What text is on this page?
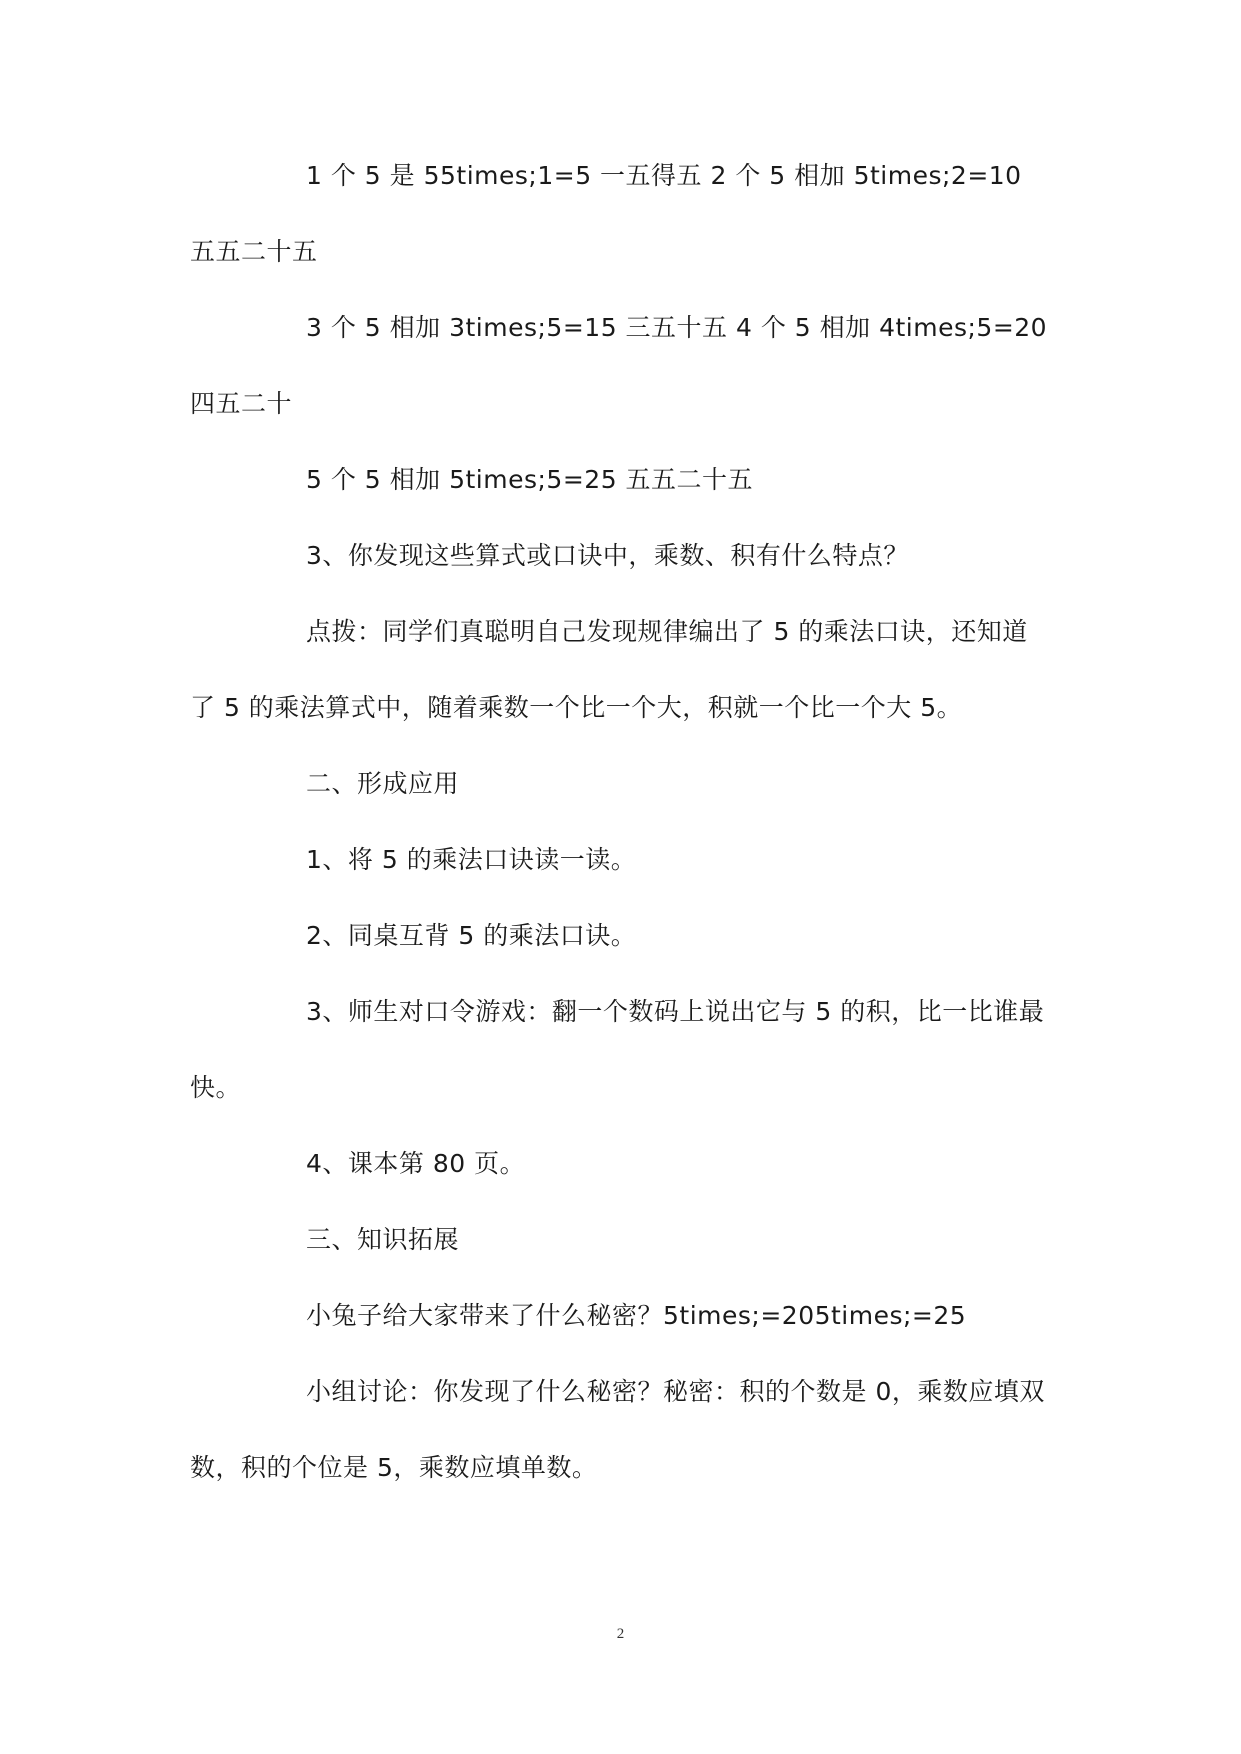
1 个 5 是 55times;1=5 一五得五 2 个 5 相加 5times;2=10 五五二十五

3 个 5 相加 3times;5=15 三五十五 4 个 5 相加 4times;5=20 四五二十

5 个 5 相加 5times;5=25 五五二十五

3、你发现这些算式或口诀中，乘数、积有什么特点？

点拨：同学们真聪明自己发现规律编出了 5 的乘法口诀，还知道了 5 的乘法算式中，随着乘数一个比一个大，积就一个比一个大 5。

二、形成应用

1、将 5 的乘法口诀读一读。

2、同桌互背 5 的乘法口诀。

3、师生对口令游戏：翻一个数码上说出它与 5 的积，比一比谁最快。

4、课本第 80 页。

三、知识拓展

小兔子给大家带来了什么秘密？5times;=205times;=25

小组讨论：你发现了什么秘密？秘密：积的个数是 0，乘数应填双数，积的个位是 5，乘数应填单数。

2
